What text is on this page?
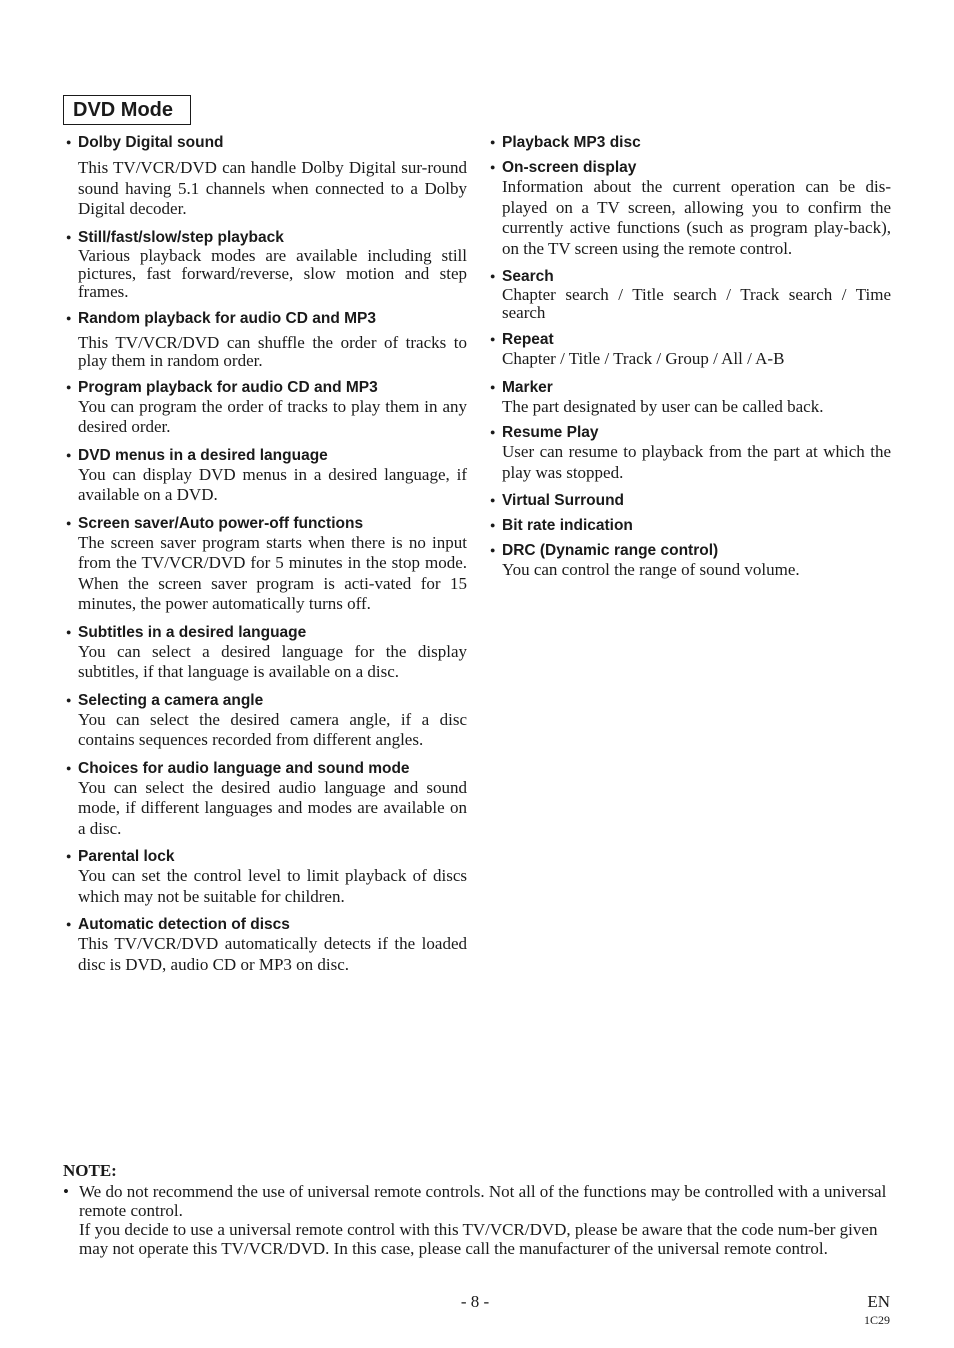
DVD Mode
● Dolby Digital sound
This TV/VCR/DVD can handle Dolby Digital sur-round sound having 5.1 channels when connected to a Dolby Digital decoder.
● Still/fast/slow/step playback
Various playback modes are available including still pictures, fast forward/reverse, slow motion and step frames.
● Random playback for audio CD and MP3
This TV/VCR/DVD can shuffle the order of tracks to play them in random order.
● Program playback for audio CD and MP3
You can program the order of tracks to play them in any desired order.
● DVD menus in a desired language
You can display DVD menus in a desired language, if available on a DVD.
● Screen saver/Auto power-off functions
The screen saver program starts when there is no input from the TV/VCR/DVD for 5 minutes in the stop mode. When the screen saver program is acti-vated for 15 minutes, the power automatically turns off.
● Subtitles in a desired language
You can select a desired language for the display subtitles, if that language is available on a disc.
● Selecting a camera angle
You can select the desired camera angle, if a disc contains sequences recorded from different angles.
● Choices for audio language and sound mode
You can select the desired audio language and sound mode, if different languages and modes are available on a disc.
● Parental lock
You can set the control level to limit playback of discs which may not be suitable for children.
● Automatic detection of discs
This TV/VCR/DVD automatically detects if the loaded disc is DVD, audio CD or MP3 on disc.
● Playback MP3 disc
● On-screen display
Information about the current operation can be dis-played on a TV screen, allowing you to confirm the currently active functions (such as program play-back), on the TV screen using the remote control.
● Search
Chapter search / Title search / Track search / Time search
● Repeat
Chapter / Title / Track / Group / All / A-B
● Marker
The part designated by user can be called back.
● Resume Play
User can resume to playback from the part at which the play was stopped.
● Virtual Surround
● Bit rate indication
● DRC (Dynamic range control)
You can control the range of sound volume.
NOTE:
• We do not recommend the use of universal remote controls. Not all of the functions may be controlled with a universal remote control.

If you decide to use a universal remote control with this TV/VCR/DVD, please be aware that the code num-ber given may not operate this TV/VCR/DVD. In this case, please call the manufacturer of the universal remote control.

- 8 -	EN
1C29
